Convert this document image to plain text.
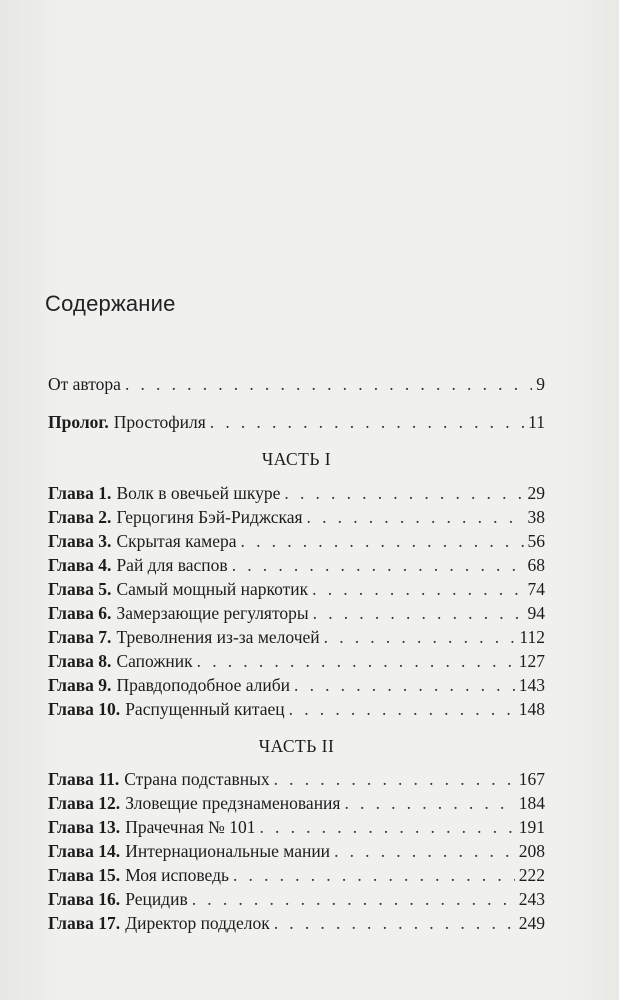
Содержание
От автора . . .	9
Пролог. Простофиля . . .	11
ЧАСТЬ I
Глава 1. Волк в овечьей шкуре . . .	29
Глава 2. Герцогиня Бэй-Риджская . . .	38
Глава 3. Скрытая камера . . .	56
Глава 4. Рай для васпов . . .	68
Глава 5. Самый мощный наркотик . . .	74
Глава 6. Замерзающие регуляторы . . .	94
Глава 7. Треволнения из-за мелочей . . .	112
Глава 8. Сапожник . . .	127
Глава 9. Правдоподобное алиби . . .	143
Глава 10. Распущенный китаец . . .	148
ЧАСТЬ II
Глава 11. Страна подставных . . .	167
Глава 12. Зловещие предзнаменования . . .	184
Глава 13. Прачечная № 101 . . .	191
Глава 14. Интернациональные мании . . .	208
Глава 15. Моя исповедь . . .	222
Глава 16. Рецидив . . .	243
Глава 17. Директор подделок . . .	249
